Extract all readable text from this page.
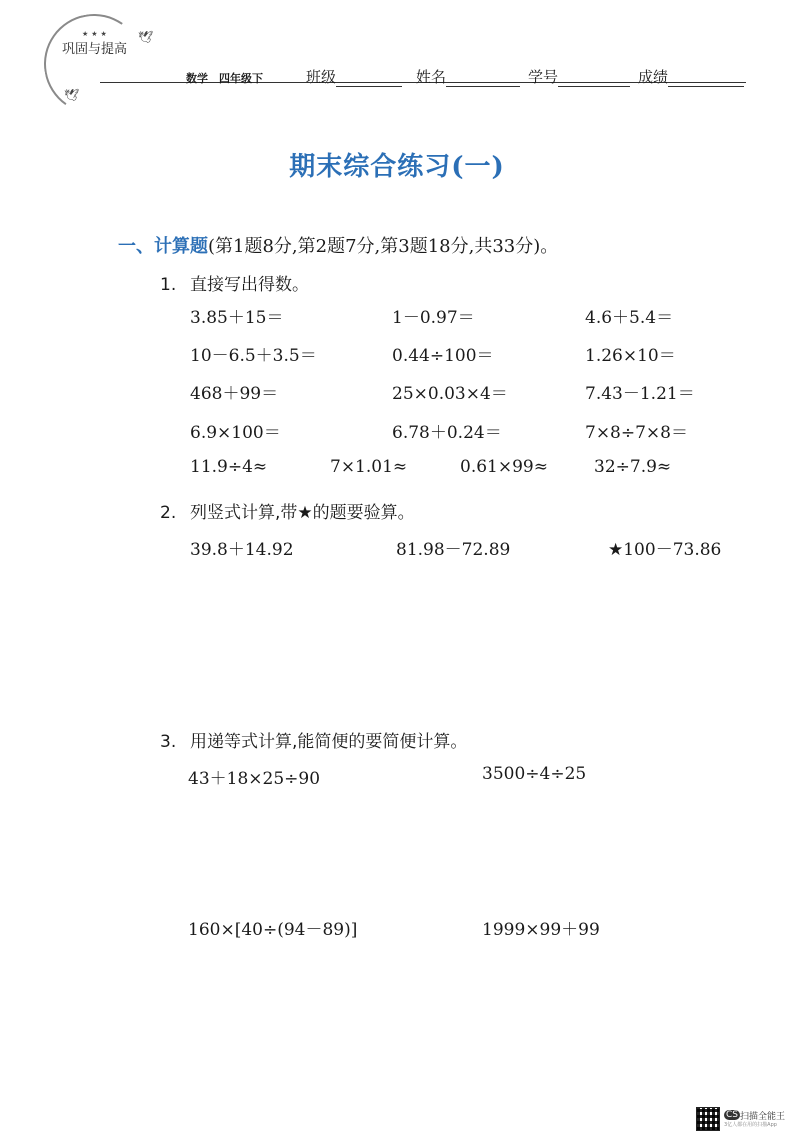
★★★ 🕊
🕊
巩固与提高
数学　四年级下	班级	姓名	学号	成绩
期末综合练习(一)
一、计算题(第1题8分,第2题7分,第3题18分,共33分)。
1. 直接写出得数。
3.85＋15＝	1－0.97＝	4.6＋5.4＝
10－6.5＋3.5＝	0.44÷100＝	1.26×10＝
468＋99＝	25×0.03×4＝	7.43－1.21＝
6.9×100＝	6.78＋0.24＝	7×8÷7×8＝
11.9÷4≈	7×1.01≈	0.61×99≈	32÷7.9≈
2. 列竖式计算,带★的题要验算。
39.8＋14.92	81.98－72.89	★100－73.86
3. 用递等式计算,能简便的要简便计算。
43＋18×25÷90	3500÷4÷25
160×[40÷(94－89)]	1999×99＋99
CS 扫描全能王
3亿人都在用的扫描App
